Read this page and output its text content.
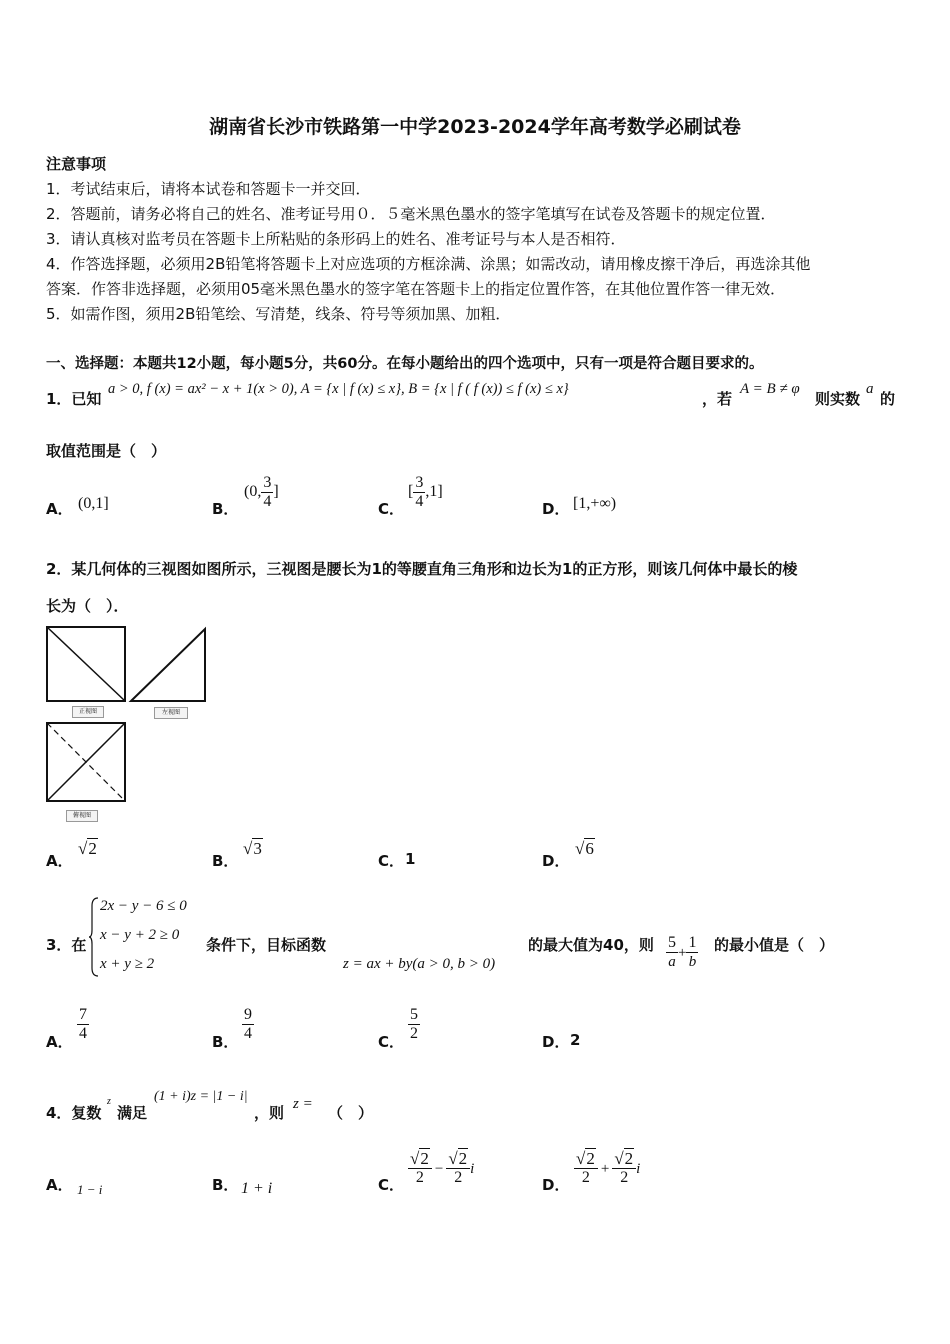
湖南省长沙市铁路第一中学2023-2024学年高考数学必刷试卷
注意事项
1．考试结束后，请将本试卷和答题卡一并交回．
2．答题前，请务必将自己的姓名、准考证号用０．５毫米黑色墨水的签字笔填写在试卷及答题卡的规定位置．
3．请认真核对监考员在答题卡上所粘贴的条形码上的姓名、准考证号与本人是否相符．
4．作答选择题，必须用2B铅笔将答题卡上对应选项的方框涂满、涂黑；如需改动，请用橡皮擦干净后，再选涂其他
答案．作答非选择题，必须用05毫米黑色墨水的签字笔在答题卡上的指定位置作答，在其他位置作答一律无效．
5．如需作图，须用2B铅笔绘、写清楚，线条、符号等须加黑、加粗．
一、选择题：本题共12小题，每小题5分，共60分。在每小题给出的四个选项中，只有一项是符合题目要求的。
1．已知
a > 0, f (x) = ax² − x + 1(x > 0), A = {x | f (x) ≤ x}, B = {x | f ( f (x)) ≤ f (x) ≤ x}
，若
A = B ≠ φ
则实数
a
的
取值范围是（　）
A． (0,1]	B．
(0, $\frac{3}{4}$ ]
C．
[ $\frac{3}{4} ,1$]
D． [1,+∞)
2．某几何体的三视图如图所示，三视图是腰长为1的等腰直角三角形和边长为1的正方形，则该几何体中最长的棱
长为（　）．
正视图	左视图
俯视图
A．
√2
B．
√3
C． 1	D．
√6
3．在
2x − y − 6 ≤ 0
x − y + 2 ≥ 0
x + y ≥ 2
条件下，目标函数
z = ax + by(a > 0, b > 0)
的最大值为40，则 $\frac{5}{a} + \frac{1}{b}$ 的最小值是（　）
A． $\frac{7}{4}$	B． $\frac{9}{4}$	C． $\frac{5}{2}$	D． 2
4．复数
z
满足
(1 + i)z = |1 − i|
，则 z = （　）
A． 1 − i	B． 1 + i	C． $\frac{√2}{2} - \frac{√2}{2}$ i
D． $\frac{√2}{2} + \frac{√2}{2}$ i
